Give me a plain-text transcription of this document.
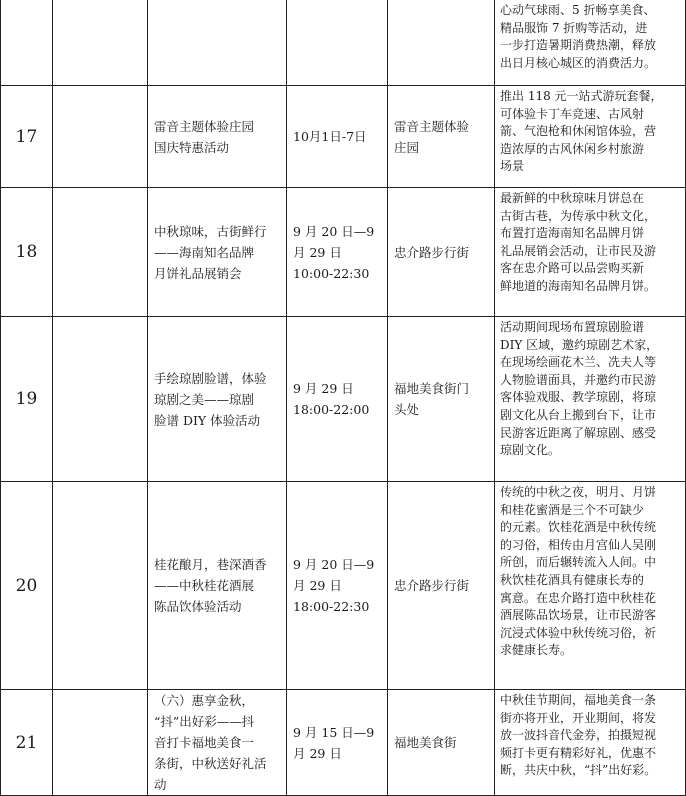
心动气球雨、5 折畅享美食、
精品服饰 7 折购等活动，进
一步打造暑期消费热潮，释放
出日月核心城区的消费活力。
17
雷音主题体验庄园
国庆特惠活动
10月1日-7日
雷音主题体验
庄园
推出 118 元一站式游玩套餐，
可体验卡丁车竞速、古风射
箭、气泡枪和休闲馆体验，营
造浓厚的古风休闲乡村旅游
场景
18
中秋琼味，古街鲜行
——海南知名品牌
月饼礼品展销会
9 月 20 日—9
月 29 日
10:00-22:30
忠介路步行街
最新鲜的中秋琼味月饼总在
古街古巷，为传承中秋文化，
布置打造海南知名品牌月饼
礼品展销会活动，让市民及游
客在忠介路可以品尝购买新
鲜地道的海南知名品牌月饼。
19
手绘琼剧脸谱，体验
琼剧之美——琼剧
脸谱 DIY 体验活动
9 月 29 日
18:00-22:00
福地美食街门
头处
活动期间现场布置琼剧脸谱
DIY 区域，邀约琼剧艺术家，
在现场绘画花木兰、冼夫人等
人物脸谱面具，并邀约市民游
客体验戏服、教学琼剧，将琼
剧文化从台上搬到台下，让市
民游客近距离了解琼剧、感受
琼剧文化。
20
桂花酿月，巷深酒香
——中秋桂花酒展
陈品饮体验活动
9 月 20 日—9
月 29 日
18:00-22:30
忠介路步行街
传统的中秋之夜，明月、月饼
和桂花蜜酒是三个不可缺少
的元素。饮桂花酒是中秋传统
的习俗，相传由月宫仙人吴刚
所创，而后辗转流入人间。中
秋饮桂花酒具有健康长寿的
寓意。在忠介路打造中秋桂花
酒展陈品饮场景，让市民游客
沉浸式体验中秋传统习俗，祈
求健康长寿。
21
（六）惠享金秋，
“抖”出好彩——抖
音打卡福地美食一
条街，中秋送好礼活
动
9 月 15 日—9
月 29 日
福地美食街
中秋佳节期间，福地美食一条
街亦将开业，开业期间，将发
放一波抖音代金券，拍摄短视
频打卡更有精彩好礼，优惠不
断，共庆中秋，“抖”出好彩。
